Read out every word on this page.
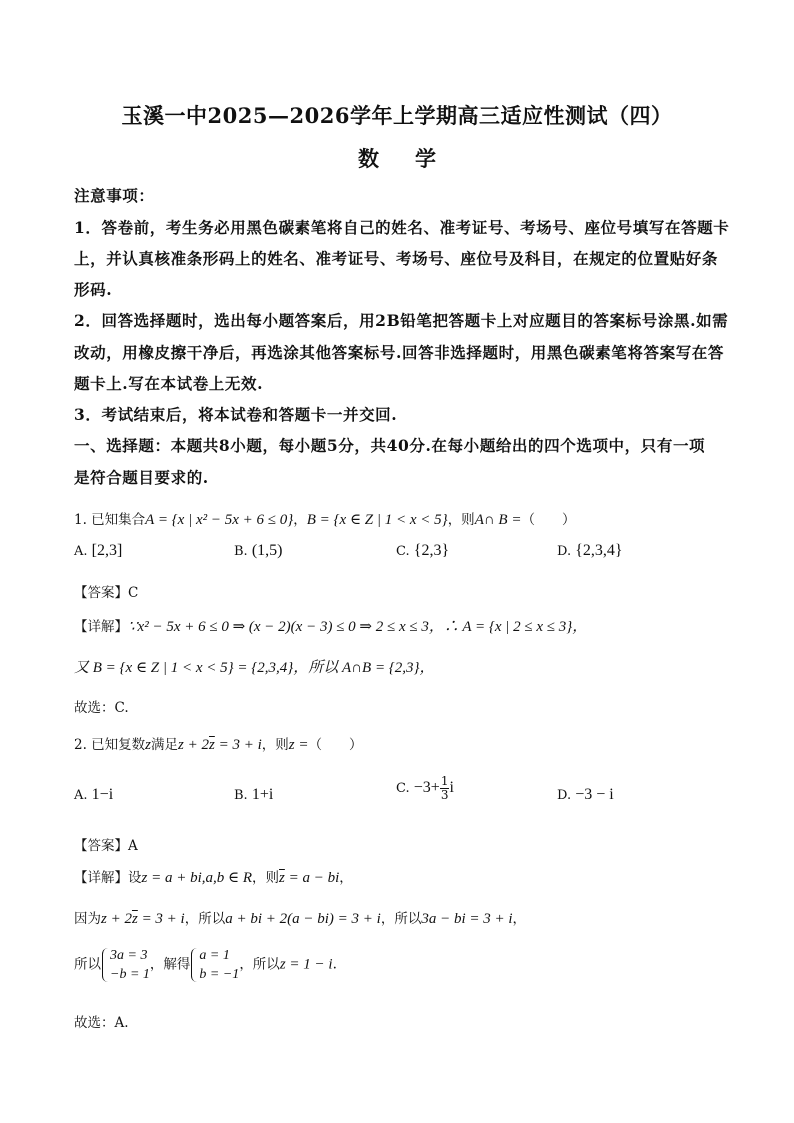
玉溪一中2025—2026学年上学期高三适应性测试（四）
数 学
注意事项：
1．答卷前，考生务必用黑色碳素笔将自己的姓名、准考证号、考场号、座位号填写在答题卡
上，并认真核准条形码上的姓名、准考证号、考场号、座位号及科目，在规定的位置贴好条
形码.
2．回答选择题时，选出每小题答案后，用2B铅笔把答题卡上对应题目的答案标号涂黑.如需
改动，用橡皮擦干净后，再选涂其他答案标号.回答非选择题时，用黑色碳素笔将答案写在答
题卡上.写在本试卷上无效.
3．考试结束后，将本试卷和答题卡一并交回.
一、选择题：本题共8小题，每小题5分，共40分.在每小题给出的四个选项中，只有一项
是符合题目要求的.
1. 已知集合A = {x | x² − 5x + 6 ≤ 0}，B = {x ∈ Z | 1 < x < 5}，则A∩ B =（　　）
A. [2,3]	B. (1,5)	C. {2,3}	D. {2,3,4}
【答案】C
【详解】∵x² − 5x + 6 ≤ 0 ⇒ (x − 2)(x − 3) ≤ 0 ⇒ 2 ≤ x ≤ 3，∴ A = {x | 2 ≤ x ≤ 3}，
又 B = {x ∈ Z | 1 < x < 5} = {2,3,4}，所以 A∩B = {2,3}，
故选：C.
2. 已知复数z满足$z + 2\overline{z} = 3 + i$，则z =（　　）
A. 1−i	B. 1+i	C. $-3+ \frac{1}{3}$ i	D. −3 − i
【答案】A
【详解】设z = a + bi,a,b ∈ R，则$\overline{z} = a$ − bi，
因为$z + 2\overline{z} = 3 + i$，所以a + bi + 2(a − bi) = 3 + i，所以3a − bi = 3 + i，
所以
3a = 3
−b = 1
，解得
a = 1
b = −1
，所以z = 1 − i.
故选：A.
